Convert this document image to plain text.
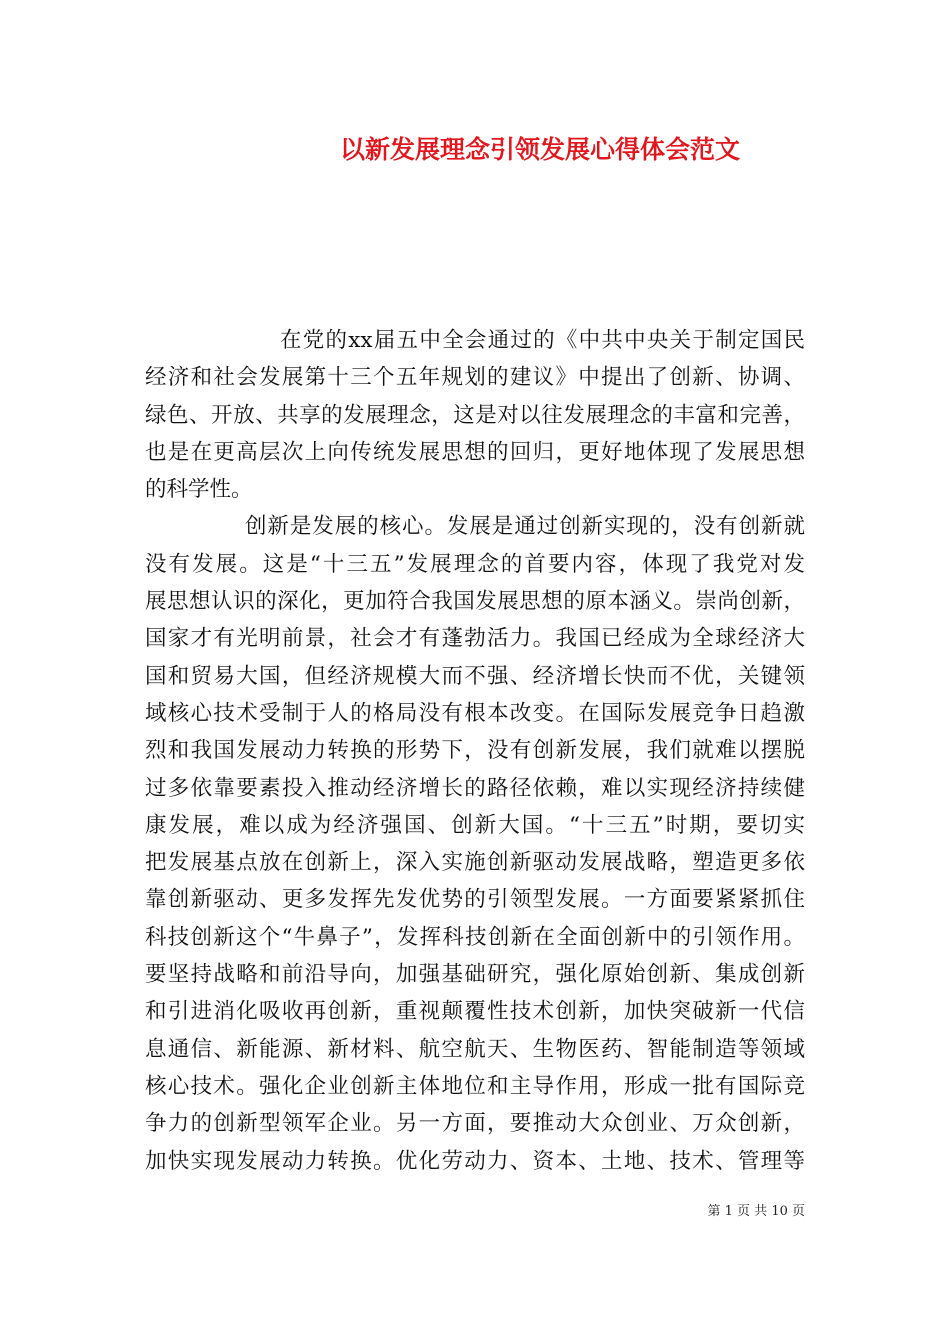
以新发展理念引领发展心得体会范文
在党的xx届五中全会通过的《中共中央关于制定国民
经济和社会发展第十三个五年规划的建议》中提出了创新、协调、
绿色、开放、共享的发展理念，这是对以往发展理念的丰富和完善，
也是在更高层次上向传统发展思想的回归，更好地体现了发展思想
的科学性。
创新是发展的核心。发展是通过创新实现的，没有创新就
没有发展。这是“十三五”发展理念的首要内容，体现了我党对发
展思想认识的深化，更加符合我国发展思想的原本涵义。崇尚创新，
国家才有光明前景，社会才有蓬勃活力。我国已经成为全球经济大
国和贸易大国，但经济规模大而不强、经济增长快而不优，关键领
域核心技术受制于人的格局没有根本改变。在国际发展竞争日趋激
烈和我国发展动力转换的形势下，没有创新发展，我们就难以摆脱
过多依靠要素投入推动经济增长的路径依赖，难以实现经济持续健
康发展，难以成为经济强国、创新大国。“十三五”时期，要切实
把发展基点放在创新上，深入实施创新驱动发展战略，塑造更多依
靠创新驱动、更多发挥先发优势的引领型发展。一方面要紧紧抓住
科技创新这个“牛鼻子”，发挥科技创新在全面创新中的引领作用。
要坚持战略和前沿导向，加强基础研究，强化原始创新、集成创新
和引进消化吸收再创新，重视颠覆性技术创新，加快突破新一代信
息通信、新能源、新材料、航空航天、生物医药、智能制造等领域
核心技术。强化企业创新主体地位和主导作用，形成一批有国际竞
争力的创新型领军企业。另一方面，要推动大众创业、万众创新，
加快实现发展动力转换。优化劳动力、资本、土地、技术、管理等
第 1 页 共 10 页
